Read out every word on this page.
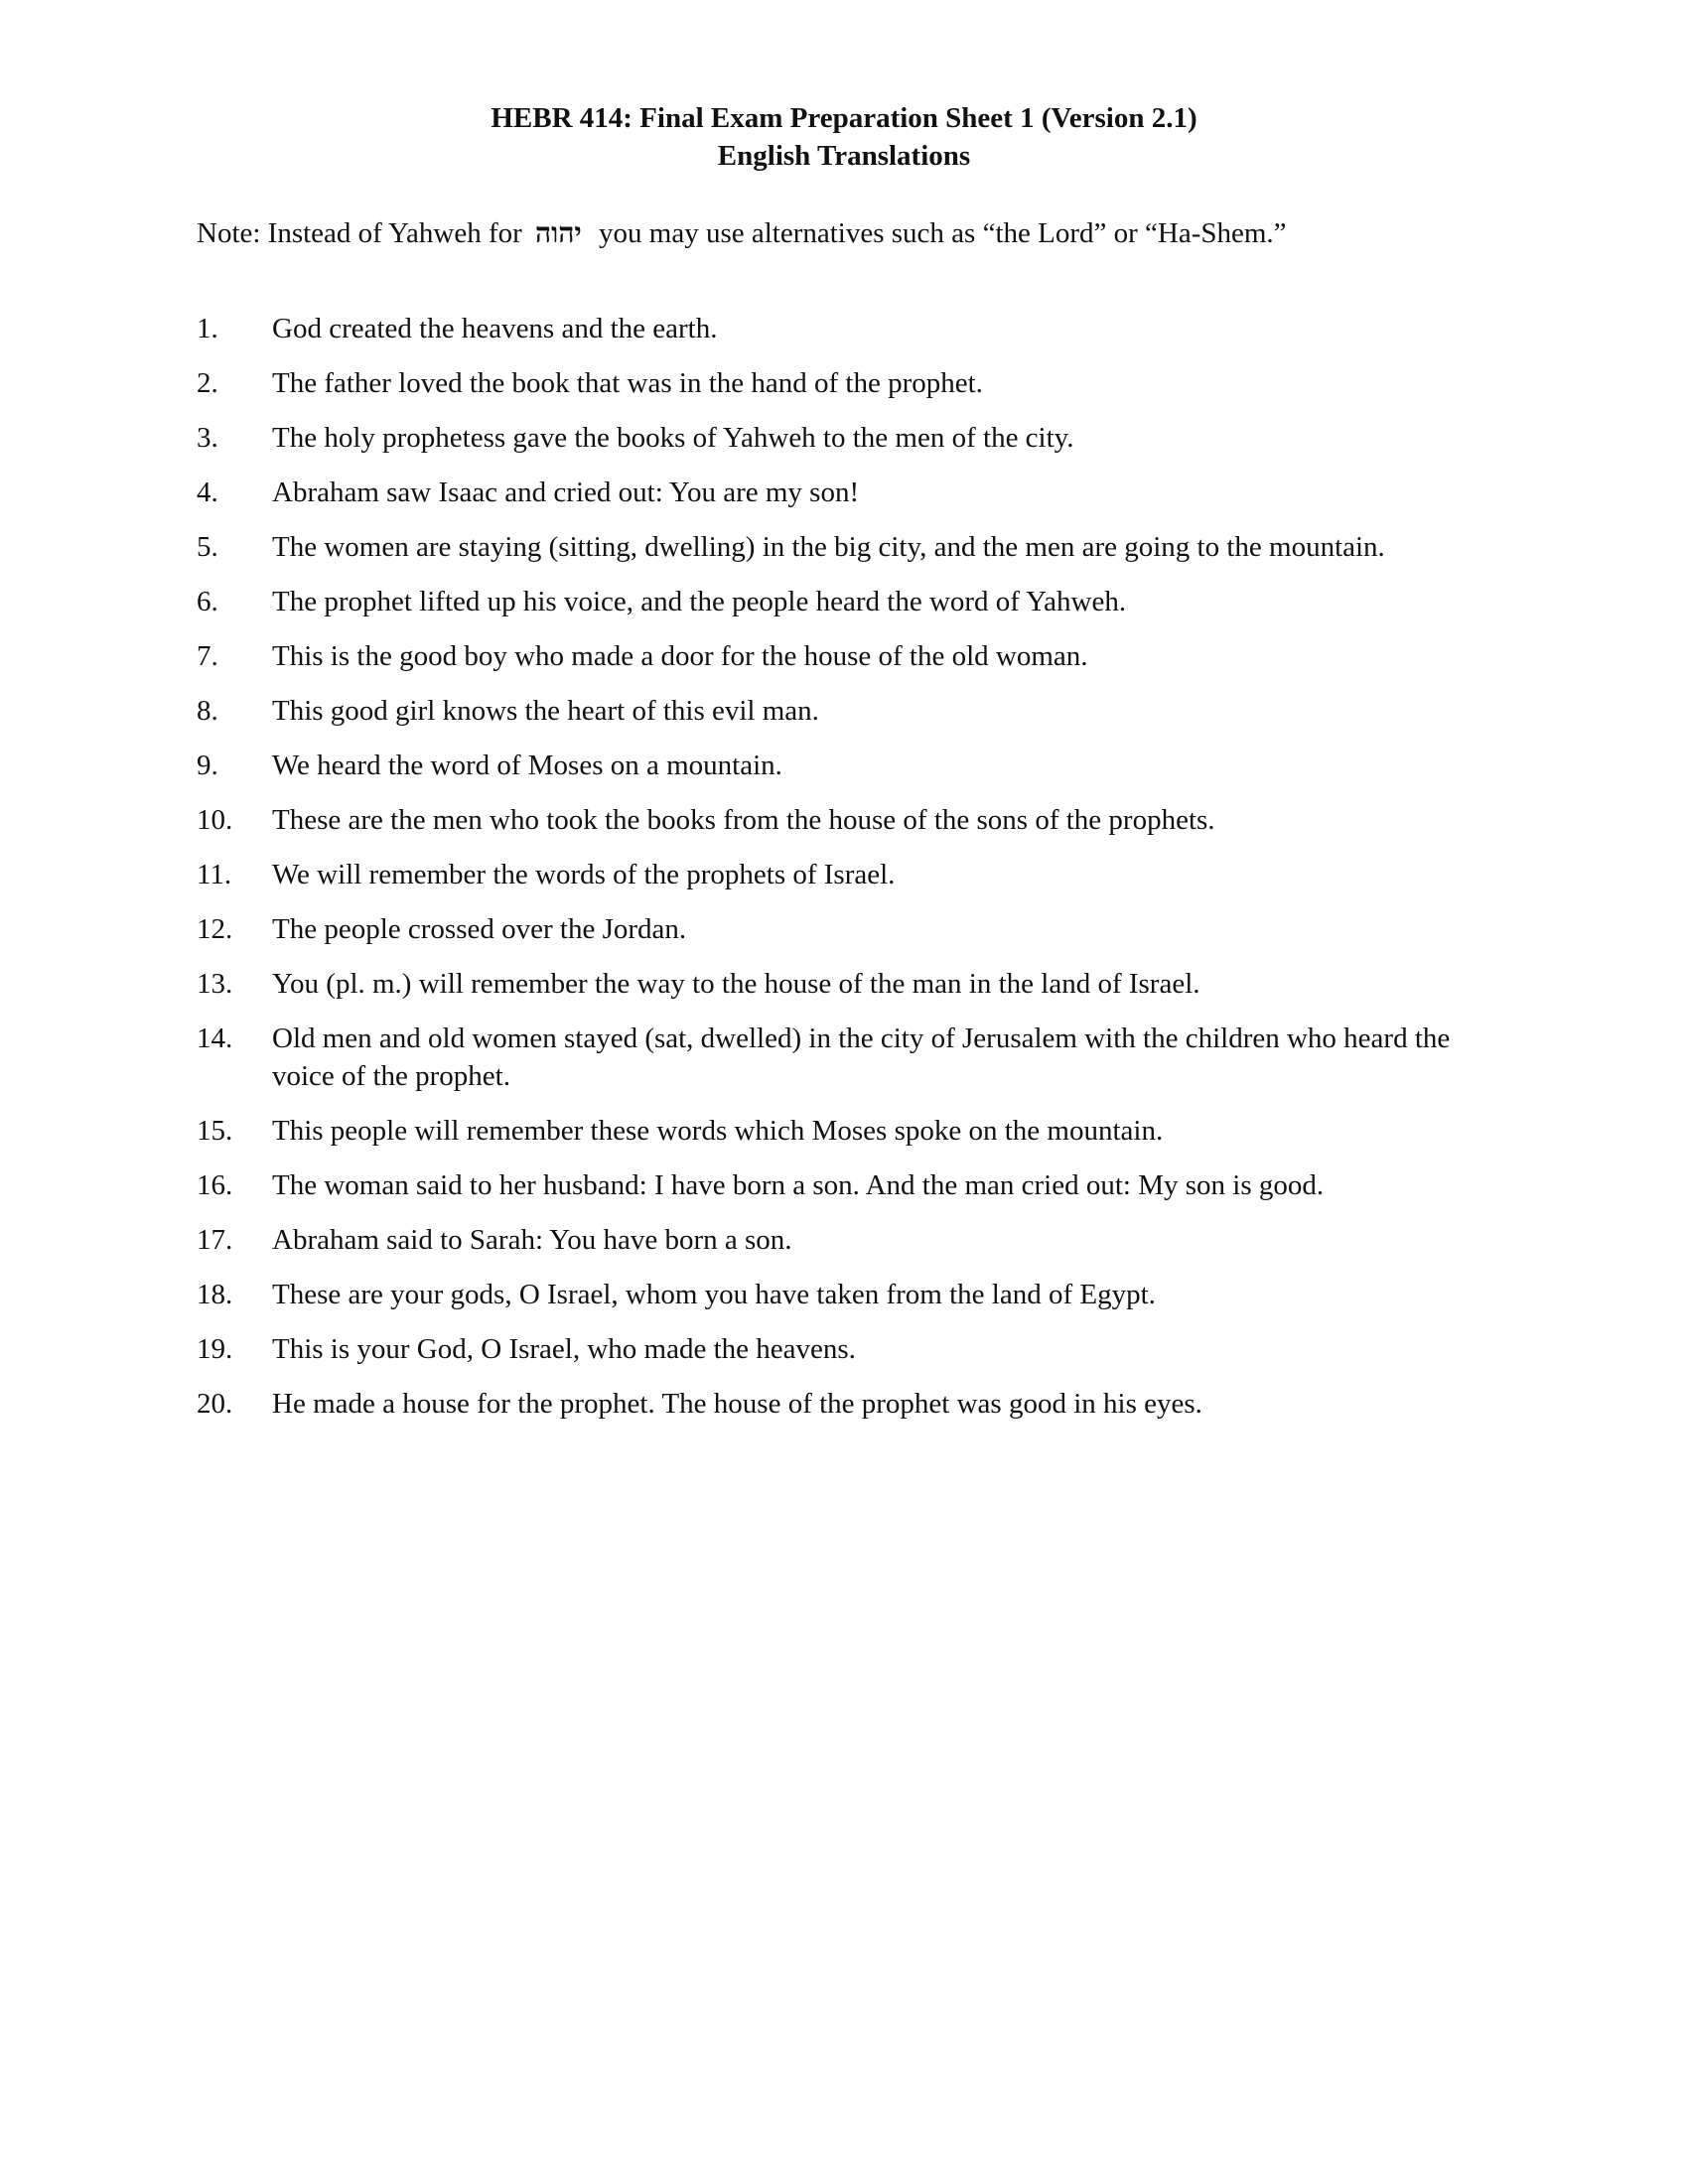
HEBR 414: Final Exam Preparation Sheet 1 (Version 2.1)
English Translations
Note: Instead of Yahweh for יהוה you may use alternatives such as “the Lord” or “Ha-Shem.”
1.	God created the heavens and the earth.
2.	The father loved the book that was in the hand of the prophet.
3.	The holy prophetess gave the books of Yahweh to the men of the city.
4.	Abraham saw Isaac and cried out: You are my son!
5.	The women are staying (sitting, dwelling) in the big city, and the men are going to the mountain.
6.	The prophet lifted up his voice, and the people heard the word of Yahweh.
7.	This is the good boy who made a door for the house of the old woman.
8.	This good girl knows the heart of this evil man.
9.	We heard the word of Moses on a mountain.
10.	These are the men who took the books from the house of the sons of the prophets.
11.	We will remember the words of the prophets of Israel.
12.	The people crossed over the Jordan.
13.	You (pl. m.) will remember the way to the house of the man in the land of Israel.
14.	Old men and old women stayed (sat, dwelled) in the city of Jerusalem with the children who heard the voice of the prophet.
15.	This people will remember these words which Moses spoke on the mountain.
16.	The woman said to her husband: I have born a son. And the man cried out: My son is good.
17.	Abraham said to Sarah: You have born a son.
18.	These are your gods, O Israel, whom you have taken from the land of Egypt.
19.	This is your God, O Israel, who made the heavens.
20.	He made a house for the prophet. The house of the prophet was good in his eyes.
